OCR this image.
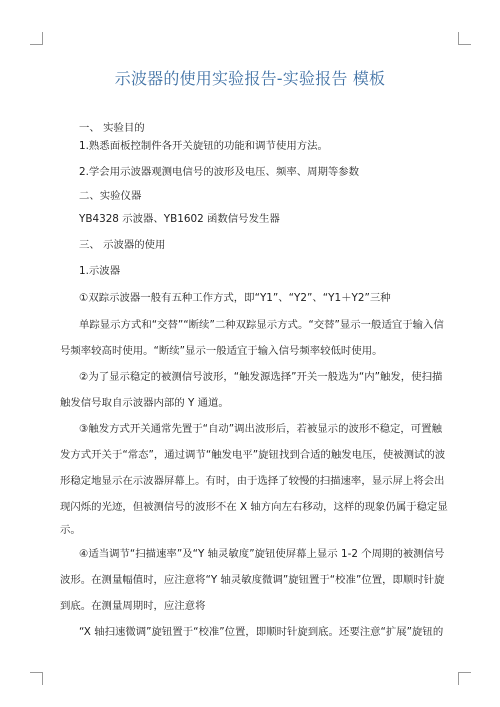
示波器的使用实验报告-实验报告 模板
一、 实验目的
1.熟悉面板控制件各开关旋钮的功能和调节使用方法。
2.学会用示波器观测电信号的波形及电压、频率、周期等参数
二、实验仪器
YB4328 示波器、YB1602 函数信号发生器
三、 示波器的使用
1.示波器
①双踪示波器一般有五种工作方式，即“Y1”、“Y2”、“Y1＋Y2”三种
单踪显示方式和“交替”“断续”二种双踪显示方式。“交替”显示一般适宜于输入信
号频率较高时使用。“断续”显示一般适宜于输入信号频率较低时使用。
②为了显示稳定的被测信号波形，“触发源选择”开关一般选为“内”触发，使扫描
触发信号取自示波器内部的 Y 通道。
③触发方式开关通常先置于“自动”调出波形后，若被显示的波形不稳定，可置触
发方式开关于“常态”，通过调节“触发电平”旋钮找到合适的触发电压，使被测试的波
形稳定地显示在示波器屏幕上。有时，由于选择了较慢的扫描速率，显示屏上将会出
现闪烁的光迹，但被测信号的波形不在 X 轴方向左右移动，这样的现象仍属于稳定显
示。
④适当调节“扫描速率”及“Y 轴灵敏度”旋钮使屏幕上显示 1-2 个周期的被测信号
波形。在测量幅值时，应注意将“Y 轴灵敏度微调”旋钮置于“校准”位置，即顺时针旋
到底。在测量周期时，应注意将
“X 轴扫速微调”旋钮置于“校准”位置，即顺时针旋到底。还要注意“扩展”旋钮的
